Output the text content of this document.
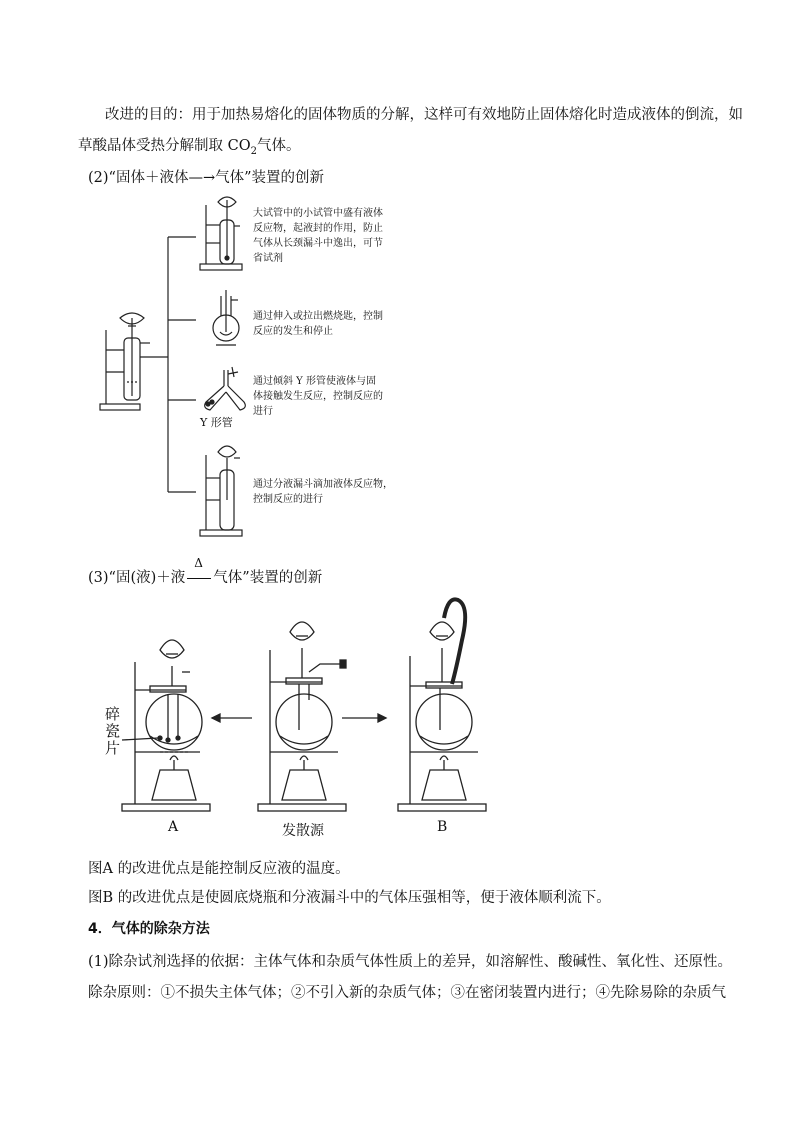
改进的目的：用于加热易熔化的固体物质的分解，这样可有效地防止固体熔化时造成液体的倒流，如
草酸晶体受热分解制取 $CO_2$气体。
(2)“固体＋液体—→气体”装置的创新
大试管中的小试管中盛有液体
反应物，起液封的作用，防止
气体从长颈漏斗中逸出，可节
省试剂
通过伸入或拉出燃烧匙，控制
反应的发生和停止
通过倾斜 Y 形管使液体与固
体接触发生反应，控制反应的
进行
通过分液漏斗滴加液体反应物，
控制反应的进行
Y 形管
(3)“固(液)＋液
Δ
气体”装置的创新
碎
瓷
片
A	发散源	B
图A 的改进优点是能控制反应液的温度。
图B 的改进优点是使圆底烧瓶和分液漏斗中的气体压强相等，便于液体顺利流下。
4．气体的除杂方法
(1)除杂试剂选择的依据：主体气体和杂质气体性质上的差异，如溶解性、酸碱性、氧化性、还原性。
除杂原则：①不损失主体气体；②不引入新的杂质气体；③在密闭装置内进行；④先除易除的杂质气
